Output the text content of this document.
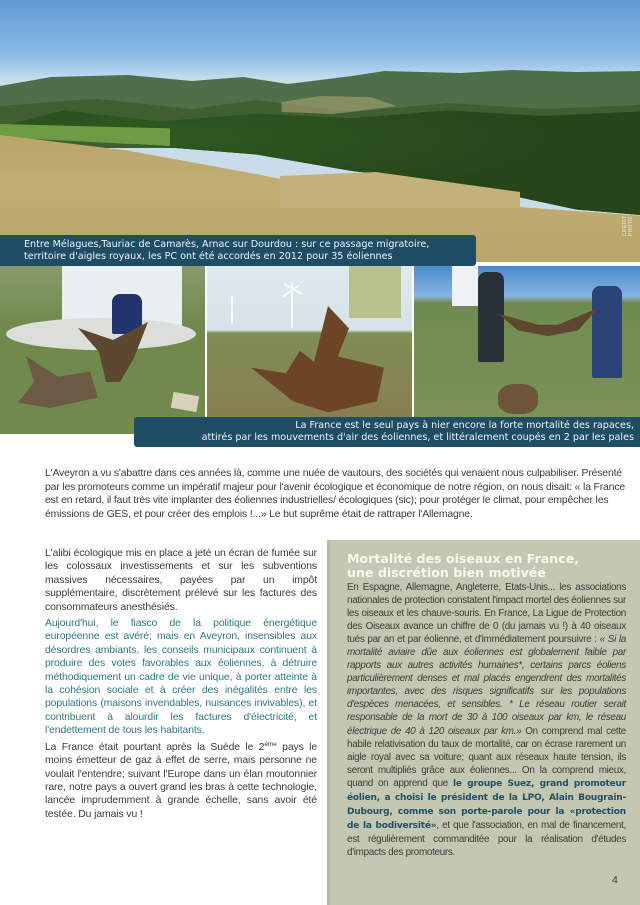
CRÉDIT PHOTO
Entre Mélagues,Tauriac de Camarès, Arnac sur Dourdou : sur ce passage migratoire,
territoire d'aigles royaux, les PC ont été accordés en 2012 pour 35 éoliennes
La France est le seul pays à nier encore la forte mortalité des rapaces,
attirés par les mouvements d'air des éoliennes, et littéralement coupés en 2 par les pales

L'Aveyron a vu s'abattre dans ces années là, comme une nuée de vautours, des sociétés qui venaient nous culpabiliser. Présenté par les promoteurs comme un impératif majeur pour l'avenir écologique et économique de notre région, on nous disait: « la France est en retard, il faut très vite implanter des éoliennes industrielles/ écologiques (sic); pour protéger le climat, pour empêcher les émissions de GES, et pour créer des emplois !...» Le but suprême était de rattraper l'Allemagne.

L'alibi écologique mis en place a jeté un écran de fumée sur les colossaux investissements et sur les subventions massives nécessaires, payées par un impôt supplémentaire, discrètement prélevé sur les factures des consommateurs anesthésiés.

Aujourd'hui, le fiasco de la politique énergétique européenne est avéré; mais en Aveyron, insensibles aux désordres ambiants, les conseils municipaux continuent à produire des votes favorables aux éoliennes, à détruire méthodiquement un cadre de vie unique, à porter atteinte à la cohésion sociale et à créer des inégalités entre les populations (maisons invendables, nuisances invivables), et contribuent à alourdir les factures d'électricité, et l'endettement de tous les habitants.

La France était pourtant après la Suède le 2ème pays le moins émetteur de gaz à effet de serre, mais personne ne voulait l'entendre; suivant l'Europe dans un élan moutonnier rare, notre pays a ouvert grand les bras à cette technologie, lancée imprudemment à grande échelle, sans avoir été testée. Du jamais vu !

Mortalité des oiseaux en France,
une discrétion bien motivée

En Espagne, Allemagne, Angleterre, Etats-Unis... les associations nationales de protection constatent l'impact mortel des éoliennes sur les oiseaux et les chauve-souris. En France, La Ligue de Protection des Oiseaux avance un chiffre de 0 (du jamais vu !) à 40 oiseaux tués par an et par éolienne, et d'immédiatement poursuivre : « Si la mortalité aviaire dûe aux éoliennes est globalement faible par rapports aux autres activités humaines*, certains parcs éoliens particulièrement denses et mal placés engendrent des mortalités importantes, avec des risques significatifs sur les populations d'espèces menacées, et sensibles. * Le réseau routier serait responsable de la mort de 30 à 100 oiseaux par km, le réseau électrique de 40 à 120 oiseaux par km.» On comprend mal cette habile relativisation du taux de mortalité, car on écrase rarement un aigle royal avec sa voiture; quant aux réseaux haute tension, ils seront multipliés grâce aux éoliennes... On la comprend mieux, quand on apprend que le groupe Suez, grand promoteur éolien, a choisi le président de la LPO, Alain Bougrain-Dubourg, comme son porte-parole pour la «protection de la bodiversité», et que l'association, en mal de financement, est régulièrement commanditée pour la réalisation d'études d'impacts des promoteurs.

4
